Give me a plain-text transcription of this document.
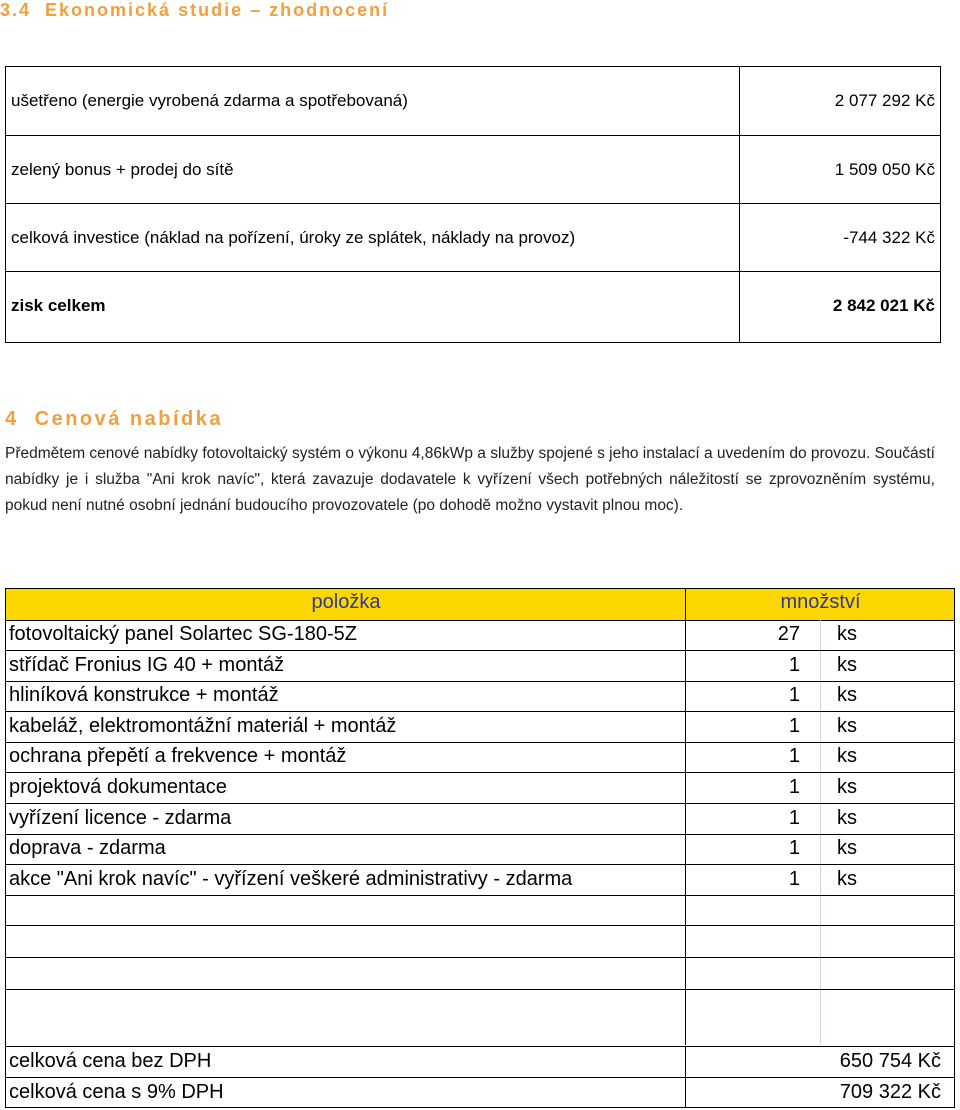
3.4 Ekonomická studie – zhodnocení
ušetřeno (energie vyrobená zdarma a spotřebovaná)	2 077 292 Kč
zelený bonus + prodej do sítě	1 509 050 Kč
celková investice (náklad na pořízení, úroky ze splátek, náklady na provoz)	-744 322 Kč
zisk celkem	2 842 021 Kč
4 Cenová nabídka
Předmětem cenové nabídky fotovoltaický systém o výkonu 4,86kWp a služby spojené s jeho instalací a uvedením do provozu. Součástí nabídky je i služba "Ani krok navíc", která zavazuje dodavatele k vyřízení všech potřebných náležitostí se zprovozněním systému, pokud není nutné osobní jednání budoucího provozovatele (po dohodě možno vystavit plnou moc).
položka	množství
fotovoltaický panel Solartec SG-180-5Z	27 ks
střídač Fronius IG 40 + montáž	1 ks
hliníková konstrukce + montáž	1 ks
kabeláž, elektromontážní materiál + montáž	1 ks
ochrana přepětí a frekvence + montáž	1 ks
projektová dokumentace	1 ks
vyřízení licence - zdarma	1 ks
doprava - zdarma	1 ks
akce "Ani krok navíc" - vyřízení veškeré administrativy - zdarma	1 ks
celková cena bez DPH	650 754 Kč
celková cena s 9% DPH	709 322 Kč
